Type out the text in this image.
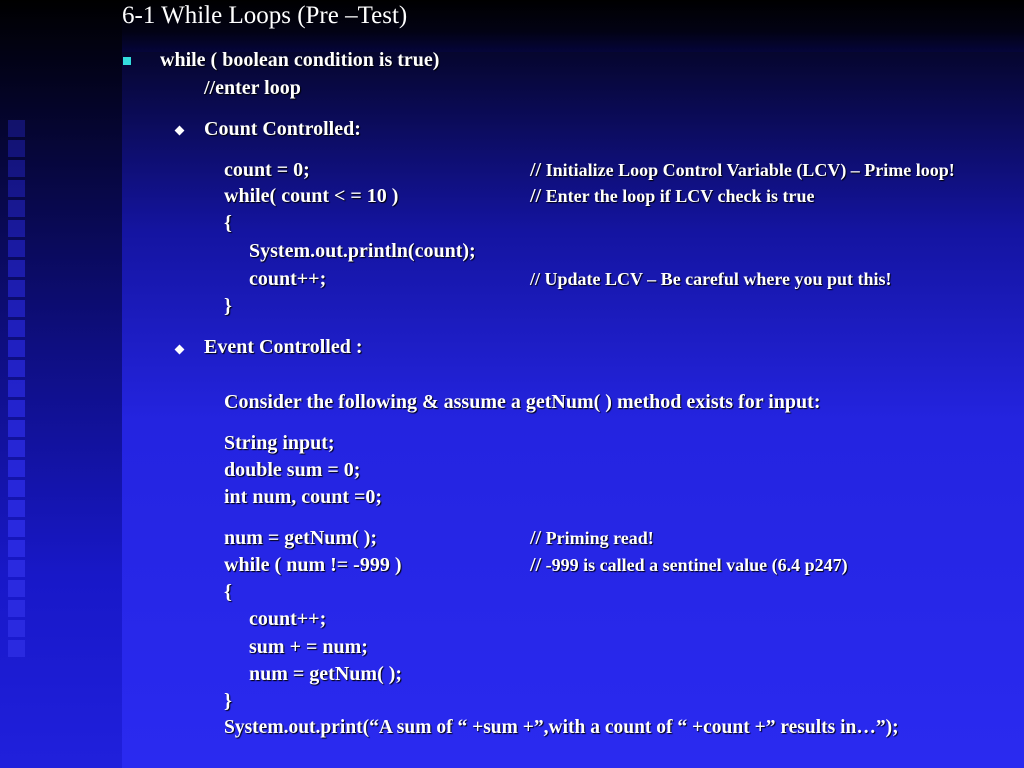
6-1 While Loops (Pre –Test)
while ( boolean condition is true)
//enter loop
Count Controlled:
count = 0;	// Initialize Loop Control Variable (LCV) – Prime loop!
while( count < = 10 )	// Enter the loop if LCV check is true
{
System.out.println(count);
count++;	// Update LCV – Be careful where you put this!
}
Event Controlled :
Consider the following & assume a getNum( ) method exists for input:
String input;
double sum = 0;
int num, count =0;
num = getNum( );	// Priming read!
while ( num != -999 )	// -999 is called a sentinel value (6.4 p247)
{
count++;
sum + = num;
num = getNum( );
}
System.out.print(“A sum of “ +sum +”,with a count of “ +count +” results in…”);
